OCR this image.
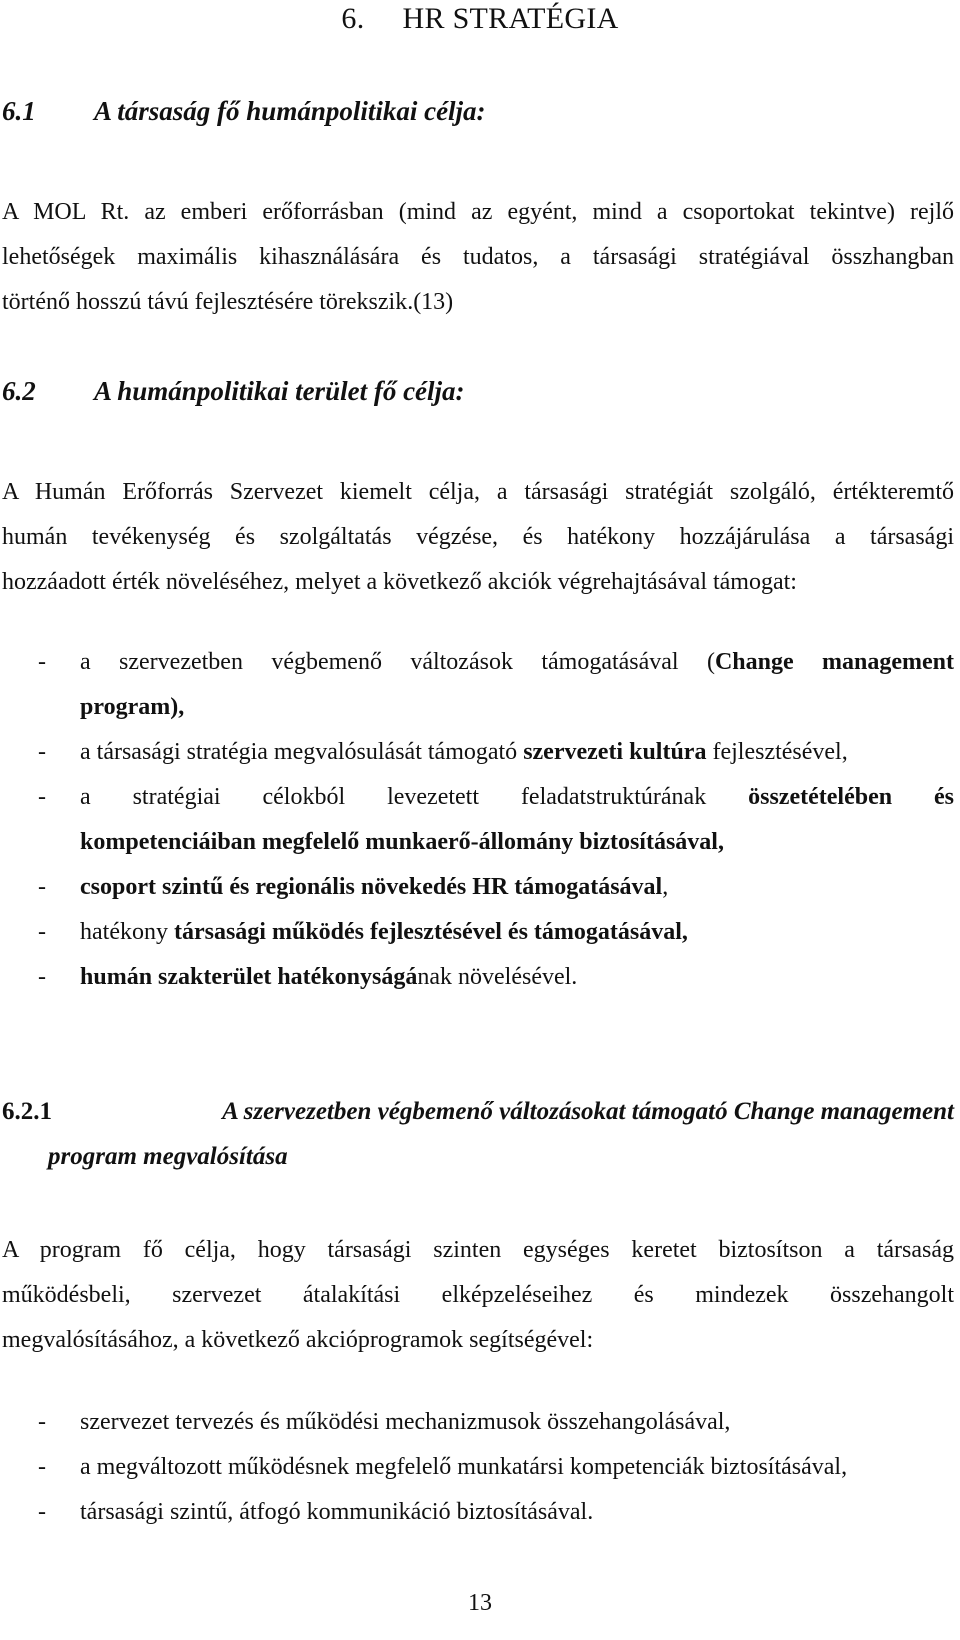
6. HR STRATÉGIA
6.1 A társaság fő humánpolitikai célja:
A MOL Rt. az emberi erőforrásban (mind az egyént, mind a csoportokat tekintve) rejlő
lehetőségek maximális kihasználására és tudatos, a társasági stratégiával összhangban
történő hosszú távú fejlesztésére törekszik.(13)
6.2 A humánpolitikai terület fő célja:
A Humán Erőforrás Szervezet kiemelt célja, a társasági stratégiát szolgáló, értékteremtő
humán tevékenység és szolgáltatás végzése, és hatékony hozzájárulása a társasági
hozzáadott érték növeléséhez, melyet a következő akciók végrehajtásával támogat:
- a szervezetben végbemenő változások támogatásával (Change management
program),
- a társasági stratégia megvalósulását támogató szervezeti kultúra fejlesztésével,
- a stratégiai célokból levezetett feladatstruktúrának összetételében és
kompetenciáiban megfelelő munkaerő-állomány biztosításával,
- csoport szintű és regionális növekedés HR támogatásával,
- hatékony társasági működés fejlesztésével és támogatásával,
- humán szakterület hatékonyságának növelésével.
6.2.1	A szervezetben végbemenő változásokat támogató Change management
program megvalósítása
A program fő célja, hogy társasági szinten egységes keretet biztosítson a társaság
működésbeli, szervezet átalakítási elképzeléseihez és mindezek összehangolt
megvalósításához, a következő akcióprogramok segítségével:
- szervezet tervezés és működési mechanizmusok összehangolásával,
- a megváltozott működésnek megfelelő munkatársi kompetenciák biztosításával,
- társasági szintű, átfogó kommunikáció biztosításával.
13
